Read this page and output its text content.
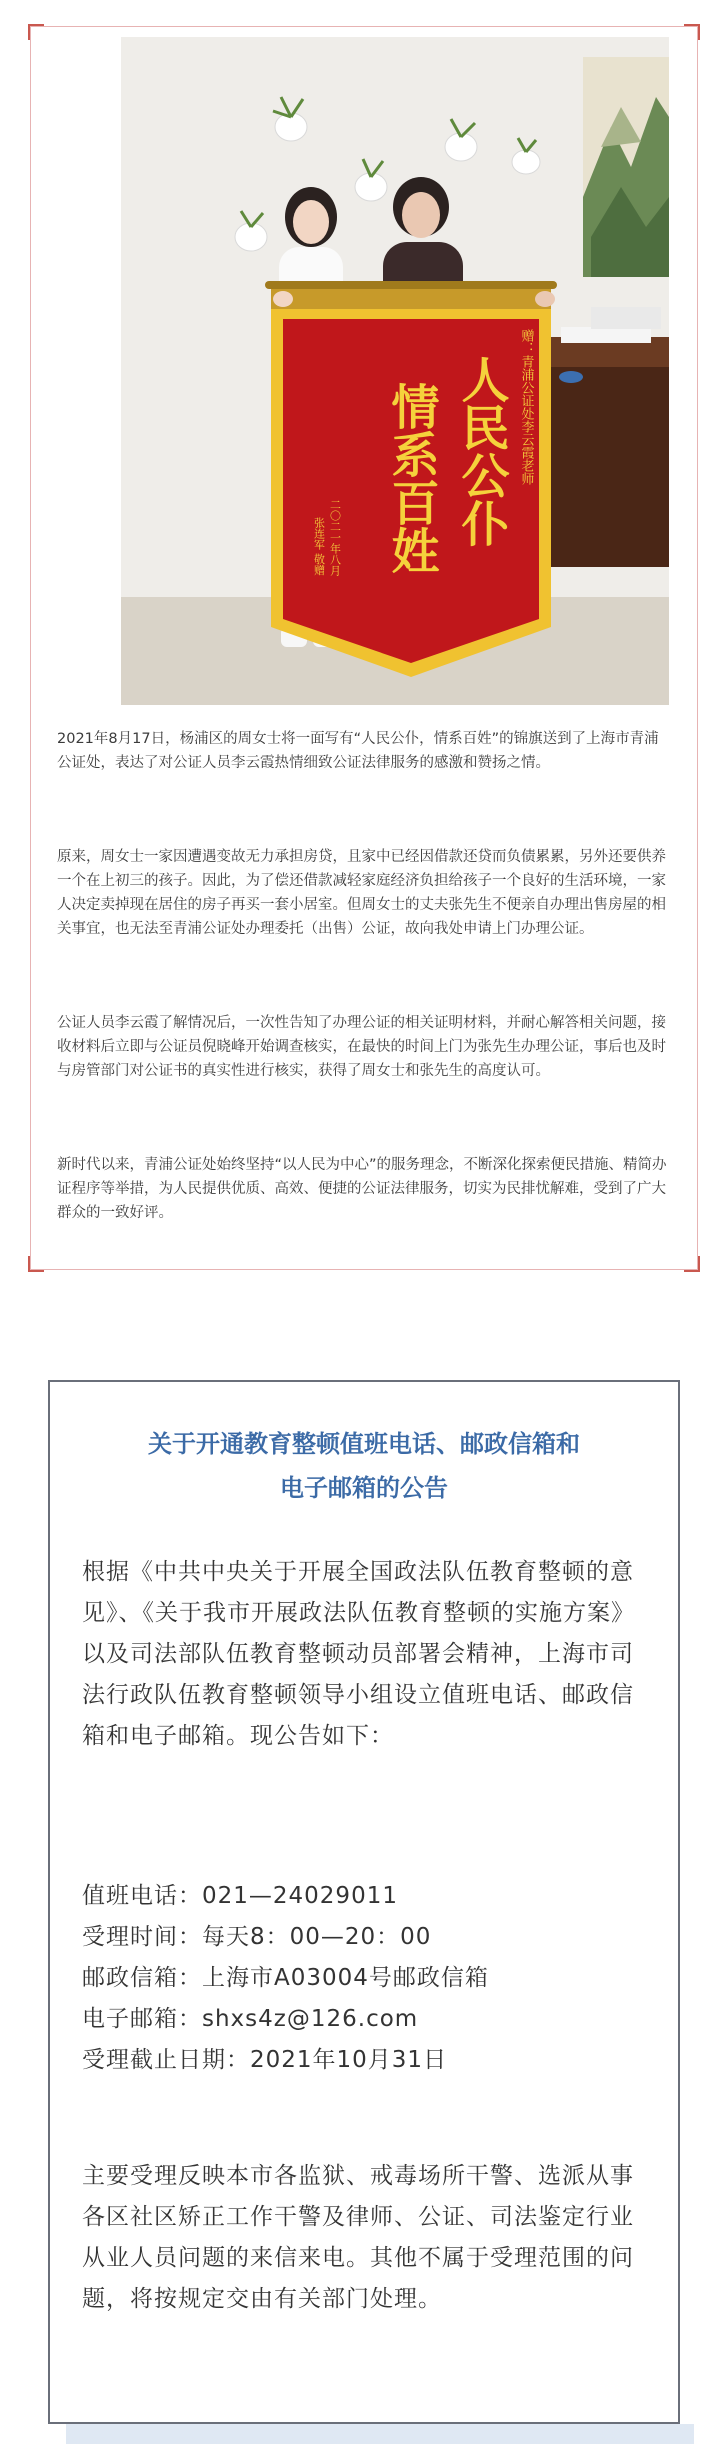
人民公仆
情系百姓	赠：青浦公证处李云霞老师
张连军 敬赠 二〇二一年八月

2021年8月17日，杨浦区的周女士将一面写有“人民公仆，情系百姓”的锦旗送到了上海市青浦公证处，表达了对公证人员李云霞热情细致公证法律服务的感激和赞扬之情。

原来，周女士一家因遭遇变故无力承担房贷，且家中已经因借款还贷而负债累累，另外还要供养一个在上初三的孩子。因此，为了偿还借款减轻家庭经济负担给孩子一个良好的生活环境，一家人决定卖掉现在居住的房子再买一套小居室。但周女士的丈夫张先生不便亲自办理出售房屋的相关事宜，也无法至青浦公证处办理委托（出售）公证，故向我处申请上门办理公证。

公证人员李云霞了解情况后，一次性告知了办理公证的相关证明材料，并耐心解答相关问题，接收材料后立即与公证员倪晓峰开始调查核实，在最快的时间上门为张先生办理公证，事后也及时与房管部门对公证书的真实性进行核实，获得了周女士和张先生的高度认可。

新时代以来，青浦公证处始终坚持“以人民为中心”的服务理念，不断深化探索便民措施、精简办证程序等举措，为人民提供优质、高效、便捷的公证法律服务，切实为民排忧解难，受到了广大群众的一致好评。

关于开通教育整顿值班电话、邮政信箱和
电子邮箱的公告

根据《中共中央关于开展全国政法队伍教育整顿的意见》、《关于我市开展政法队伍教育整顿的实施方案》以及司法部队伍教育整顿动员部署会精神，上海市司法行政队伍教育整顿领导小组设立值班电话、邮政信箱和电子邮箱。现公告如下：

值班电话：021—24029011
受理时间：每天8：00—20：00
邮政信箱：上海市A03004号邮政信箱
电子邮箱：shxs4z@126.com
受理截止日期：2021年10月31日

主要受理反映本市各监狱、戒毒场所干警、选派从事各区社区矫正工作干警及律师、公证、司法鉴定行业从业人员问题的来信来电。其他不属于受理范围的问题，将按规定交由有关部门处理。
